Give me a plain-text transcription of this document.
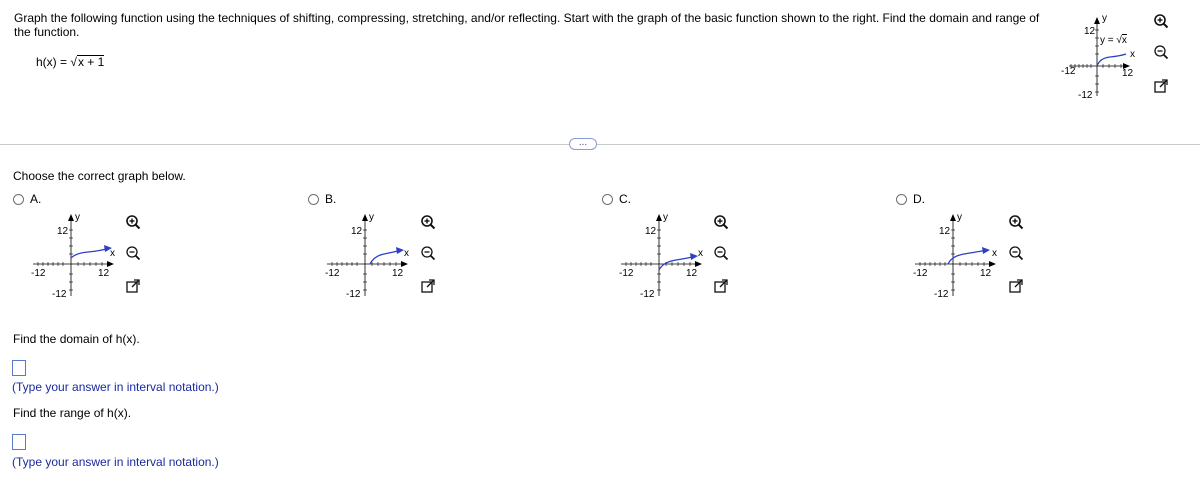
Graph the following function using the techniques of shifting, compressing, stretching, and/or reflecting. Start with the graph of the basic function shown to the right. Find the domain and range of the function.
h(x) = √x + 1
y
x
12
12
-12
-12
y = √x
...
Choose the correct graph below.
A.
y
x
12
12
-12
-12
B.
y
x
12
12
-12
-12
C.
y
x
12
12
-12
-12
D.
y
x
12
12
-12
-12
Find the domain of h(x).
(Type your answer in interval notation.)
Find the range of h(x).
(Type your answer in interval notation.)
